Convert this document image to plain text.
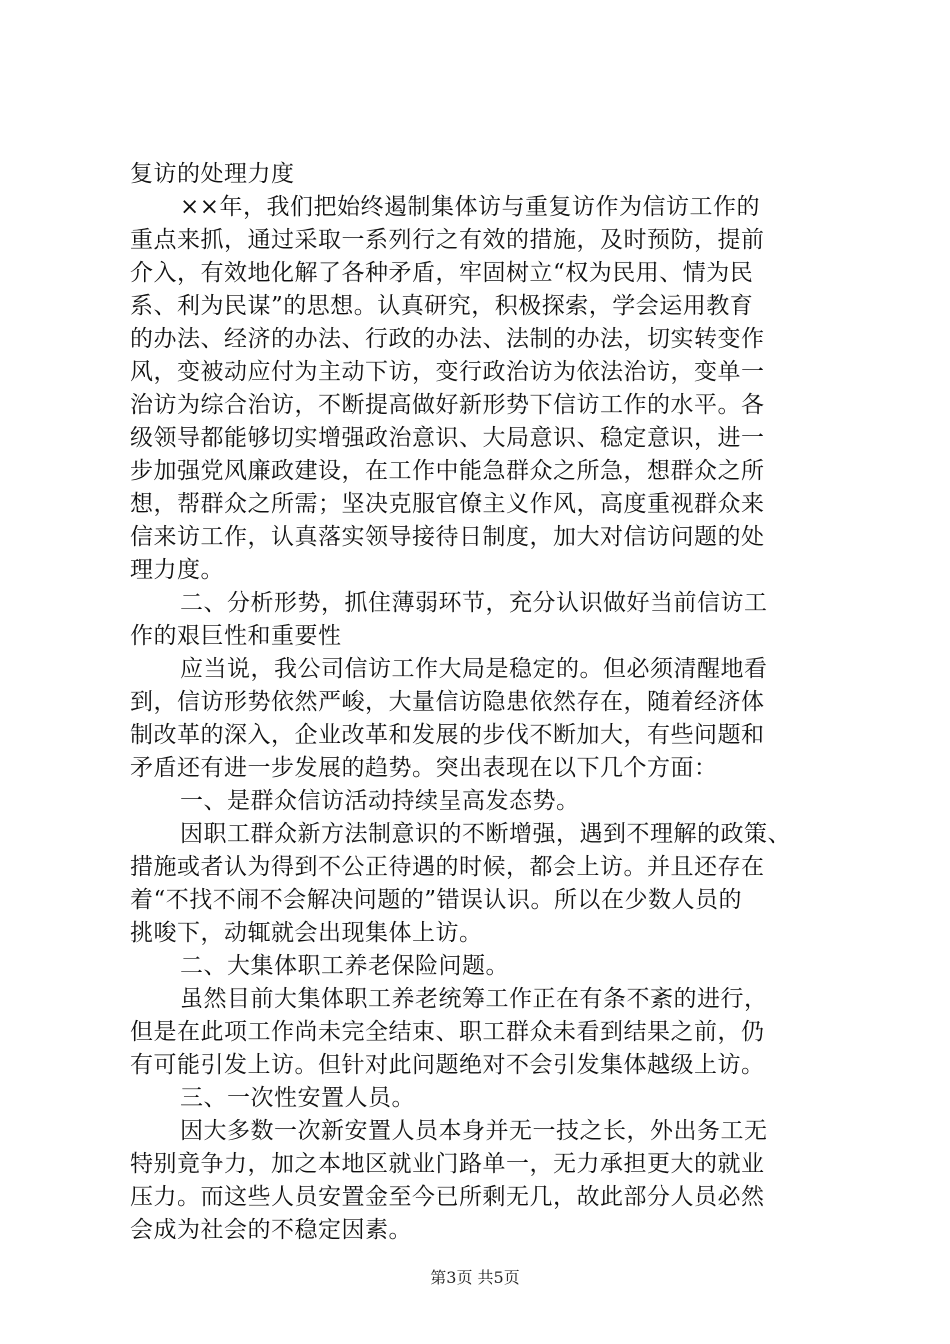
复访的处理力度
××年，我们把始终遏制集体访与重复访作为信访工作的
重点来抓，通过采取一系列行之有效的措施，及时预防，提前
介入，有效地化解了各种矛盾，牢固树立“权为民用、情为民
系、利为民谋”的思想。认真研究，积极探索，学会运用教育
的办法、经济的办法、行政的办法、法制的办法，切实转变作
风，变被动应付为主动下访，变行政治访为依法治访，变单一
治访为综合治访，不断提高做好新形势下信访工作的水平。各
级领导都能够切实增强政治意识、大局意识、稳定意识，进一
步加强党风廉政建设，在工作中能急群众之所急，想群众之所
想，帮群众之所需；坚决克服官僚主义作风，高度重视群众来
信来访工作，认真落实领导接待日制度，加大对信访问题的处
理力度。
二、分析形势，抓住薄弱环节，充分认识做好当前信访工
作的艰巨性和重要性
应当说，我公司信访工作大局是稳定的。但必须清醒地看
到，信访形势依然严峻，大量信访隐患依然存在，随着经济体
制改革的深入，企业改革和发展的步伐不断加大，有些问题和
矛盾还有进一步发展的趋势。突出表现在以下几个方面：
一、是群众信访活动持续呈高发态势。
因职工群众新方法制意识的不断增强，遇到不理解的政策、
措施或者认为得到不公正待遇的时候，都会上访。并且还存在
着“不找不闹不会解决问题的”错误认识。所以在少数人员的
挑唆下，动辄就会出现集体上访。
二、大集体职工养老保险问题。
虽然目前大集体职工养老统筹工作正在有条不紊的进行，
但是在此项工作尚未完全结束、职工群众未看到结果之前，仍
有可能引发上访。但针对此问题绝对不会引发集体越级上访。
三、一次性安置人员。
因大多数一次新安置人员本身并无一技之长，外出务工无
特别竟争力，加之本地区就业门路单一，无力承担更大的就业
压力。而这些人员安置金至今已所剩无几，故此部分人员必然
会成为社会的不稳定因素。
第3页 共5页
